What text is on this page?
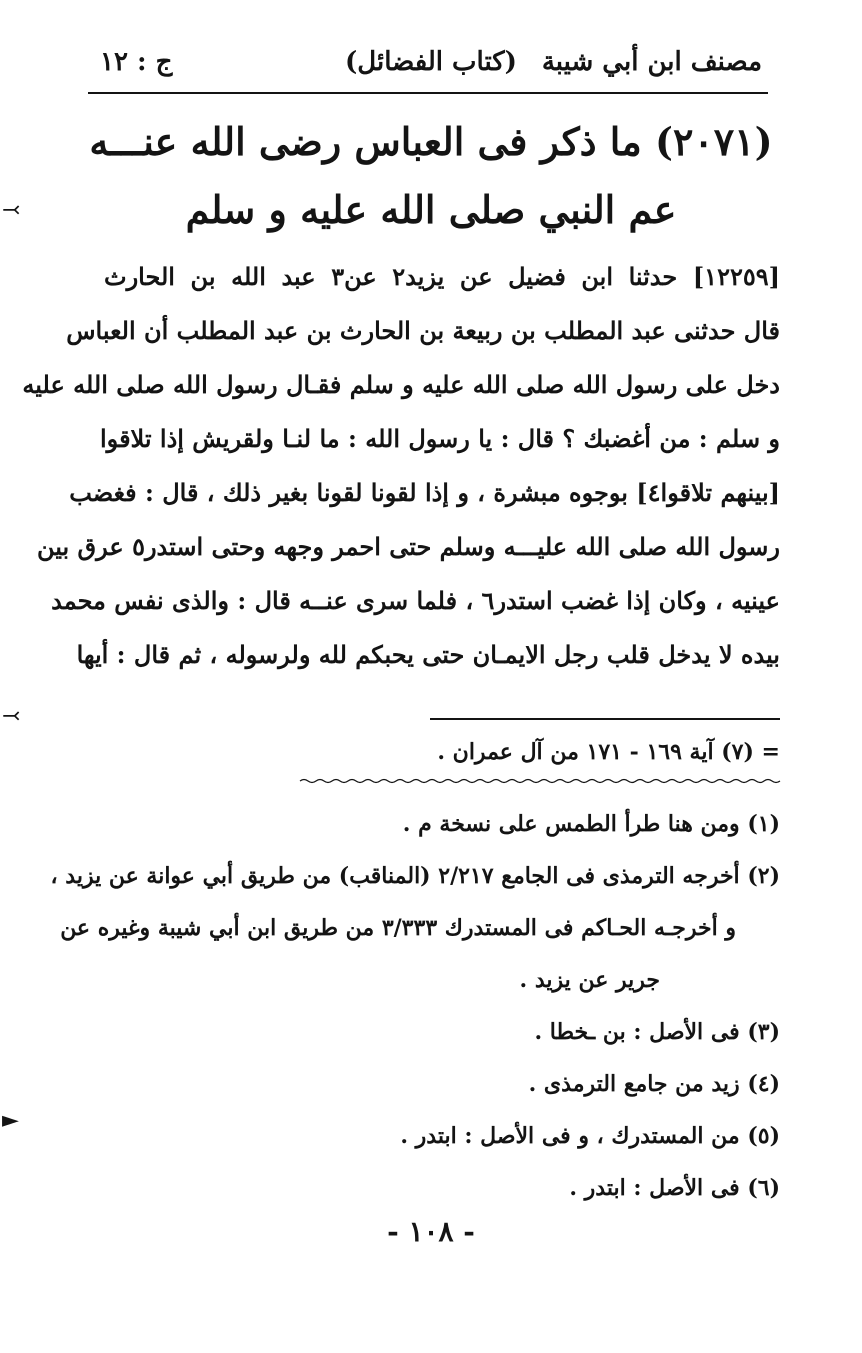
مصنف ابن أبي شيبة
(كتاب الفضائل)
ج : ١٢
(٢٠٧١) ما ذكر فى العباس رضى الله عنـــه
عم النبي صلى الله عليه و سلم
[١٢٢٥٩] حدثنا ابن فضيل عن يزيد٢ عن٣ عبد الله بن الحارث
قال حدثنى عبد المطلب بن ربيعة بن الحارث بن عبد المطلب أن العباس
دخل على رسول الله صلى الله عليه و سلم فقـال رسول الله صلى الله عليه
و سلم : من أغضبك ؟ قال : يا رسول الله : ما لنـا ولقريش إذا تلاقوا
[بينهم تلاقوا٤] بوجوه مبشرة ، و إذا لقونا لقونا بغير ذلك ، قال : فغضب
رسول الله صلى الله عليـــه وسلم حتى احمر وجهه وحتى استدر٥ عرق بين
عينيه ، وكان إذا غضب استدر٦ ، فلما سرى عنــه قال : والذى نفس محمد
بيده لا يدخل قلب رجل الايمـان حتى يحبكم لله ولرسوله ، ثم قال : أيها
= (٧) آية ١٦٩ - ١٧١ من آل عمران .
(١) ومن هنا طرأ الطمس على نسخة م .
(٢) أخرجه الترمذى فى الجامع ٢/٢١٧ (المناقب) من طريق أبي عوانة عن يزيد ،
و أخرجـه الحـاكم فى المستدرك ٣/٣٣٣ من طريق ابن أبي شيبة وغيره عن
جرير عن يزيد .
(٣) فى الأصل : بن ـخطا .
(٤) زيد من جامع الترمذى .
(٥) من المستدرك ، و فى الأصل : ابتدر .
(٦) فى الأصل : ابتدر .
- ١٠٨ -
⤙
⤙
►
